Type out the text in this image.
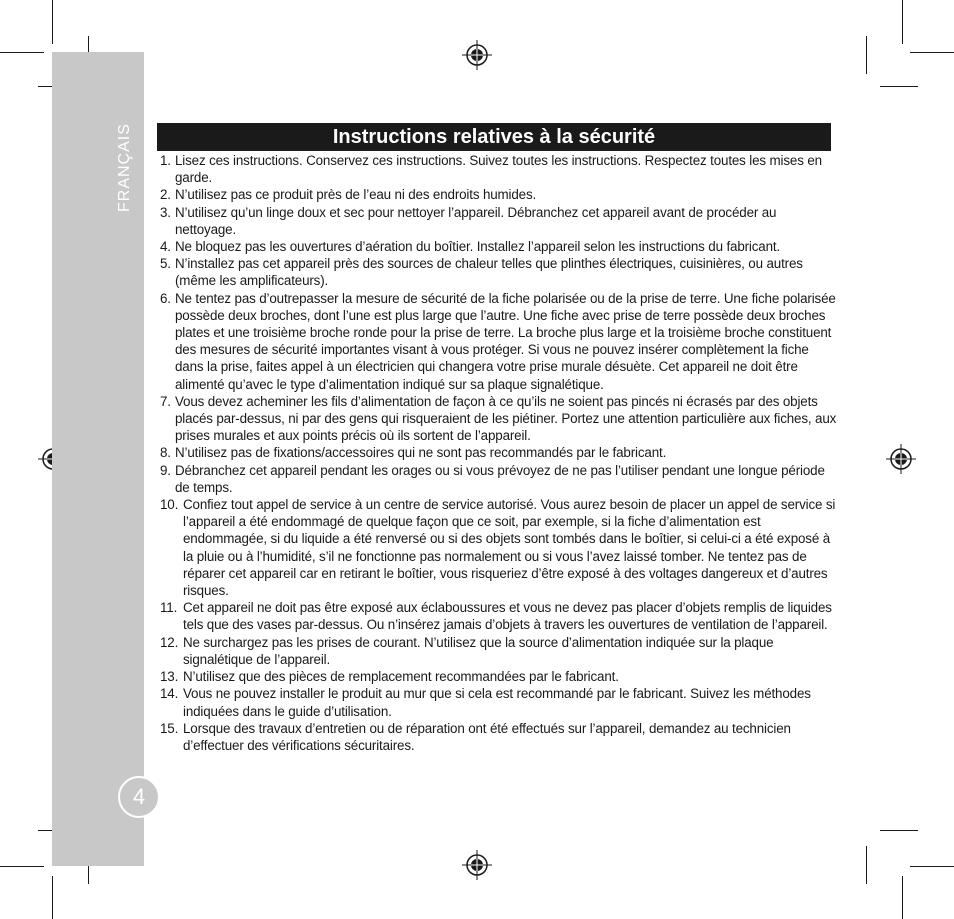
FRANÇAIS
4
Instructions relatives à la sécurité
1. Lisez ces instructions. Conservez ces instructions. Suivez toutes les instructions. Respectez toutes les mises en garde.
2. N’utilisez pas ce produit près de l’eau ni des endroits humides.
3. N’utilisez qu’un linge doux et sec pour nettoyer l’appareil. Débranchez cet appareil avant de procéder au nettoyage.
4. Ne bloquez pas les ouvertures d’aération du boîtier. Installez l’appareil selon les instructions du fabricant.
5. N’installez pas cet appareil près des sources de chaleur telles que plinthes électriques, cuisinières, ou autres (même les amplificateurs).
6. Ne tentez pas d’outrepasser la mesure de sécurité de la fiche polarisée ou de la prise de terre. Une fiche polarisée possède deux broches, dont l’une est plus large que l’autre. Une fiche avec prise de terre possède deux broches plates et une troisième broche ronde pour la prise de terre. La broche plus large et la troisième broche constituent des mesures de sécurité importantes visant à vous protéger. Si vous ne pouvez insérer complètement la fiche dans la prise, faites appel à un électricien qui changera votre prise murale désuète. Cet appareil ne doit être alimenté qu’avec le type d’alimentation indiqué sur sa plaque signalétique.
7. Vous devez acheminer les fils d’alimentation de façon à ce qu’ils ne soient pas pincés ni écrasés par des objets placés par-dessus, ni par des gens qui risqueraient de les piétiner. Portez une attention particulière aux fiches, aux prises murales et aux points précis où ils sortent de l’appareil.
8. N’utilisez pas de fixations/accessoires qui ne sont pas recommandés par le fabricant.
9. Débranchez cet appareil pendant les orages ou si vous prévoyez de ne pas l’utiliser pendant une longue période de temps.
10. Confiez tout appel de service à un centre de service autorisé. Vous aurez besoin de placer un appel de service si l’appareil a été endommagé de quelque façon que ce soit, par exemple, si la fiche d’alimentation est endommagée, si du liquide a été renversé ou si des objets sont tombés dans le boîtier, si celui-ci a été exposé à la pluie ou à l’humidité, s’il ne fonctionne pas normalement ou si vous l’avez laissé tomber. Ne tentez pas de réparer cet appareil car en retirant le boîtier, vous risqueriez d’être exposé à des voltages dangereux et d’autres risques.
11. Cet appareil ne doit pas être exposé aux éclaboussures et vous ne devez pas placer d’objets remplis de liquides tels que des vases par-dessus. Ou n’insérez jamais d’objets à travers les ouvertures de ventilation de l’appareil.
12. Ne surchargez pas les prises de courant. N’utilisez que la source d’alimentation indiquée sur la plaque signalétique de l’appareil.
13. N’utilisez que des pièces de remplacement recommandées par le fabricant.
14. Vous ne pouvez installer le produit au mur que si cela est recommandé par le fabricant. Suivez les méthodes indiquées dans le guide d’utilisation.
15. Lorsque des travaux d’entretien ou de réparation ont été effectués sur l’appareil, demandez au technicien d’effectuer des vérifications sécuritaires.
